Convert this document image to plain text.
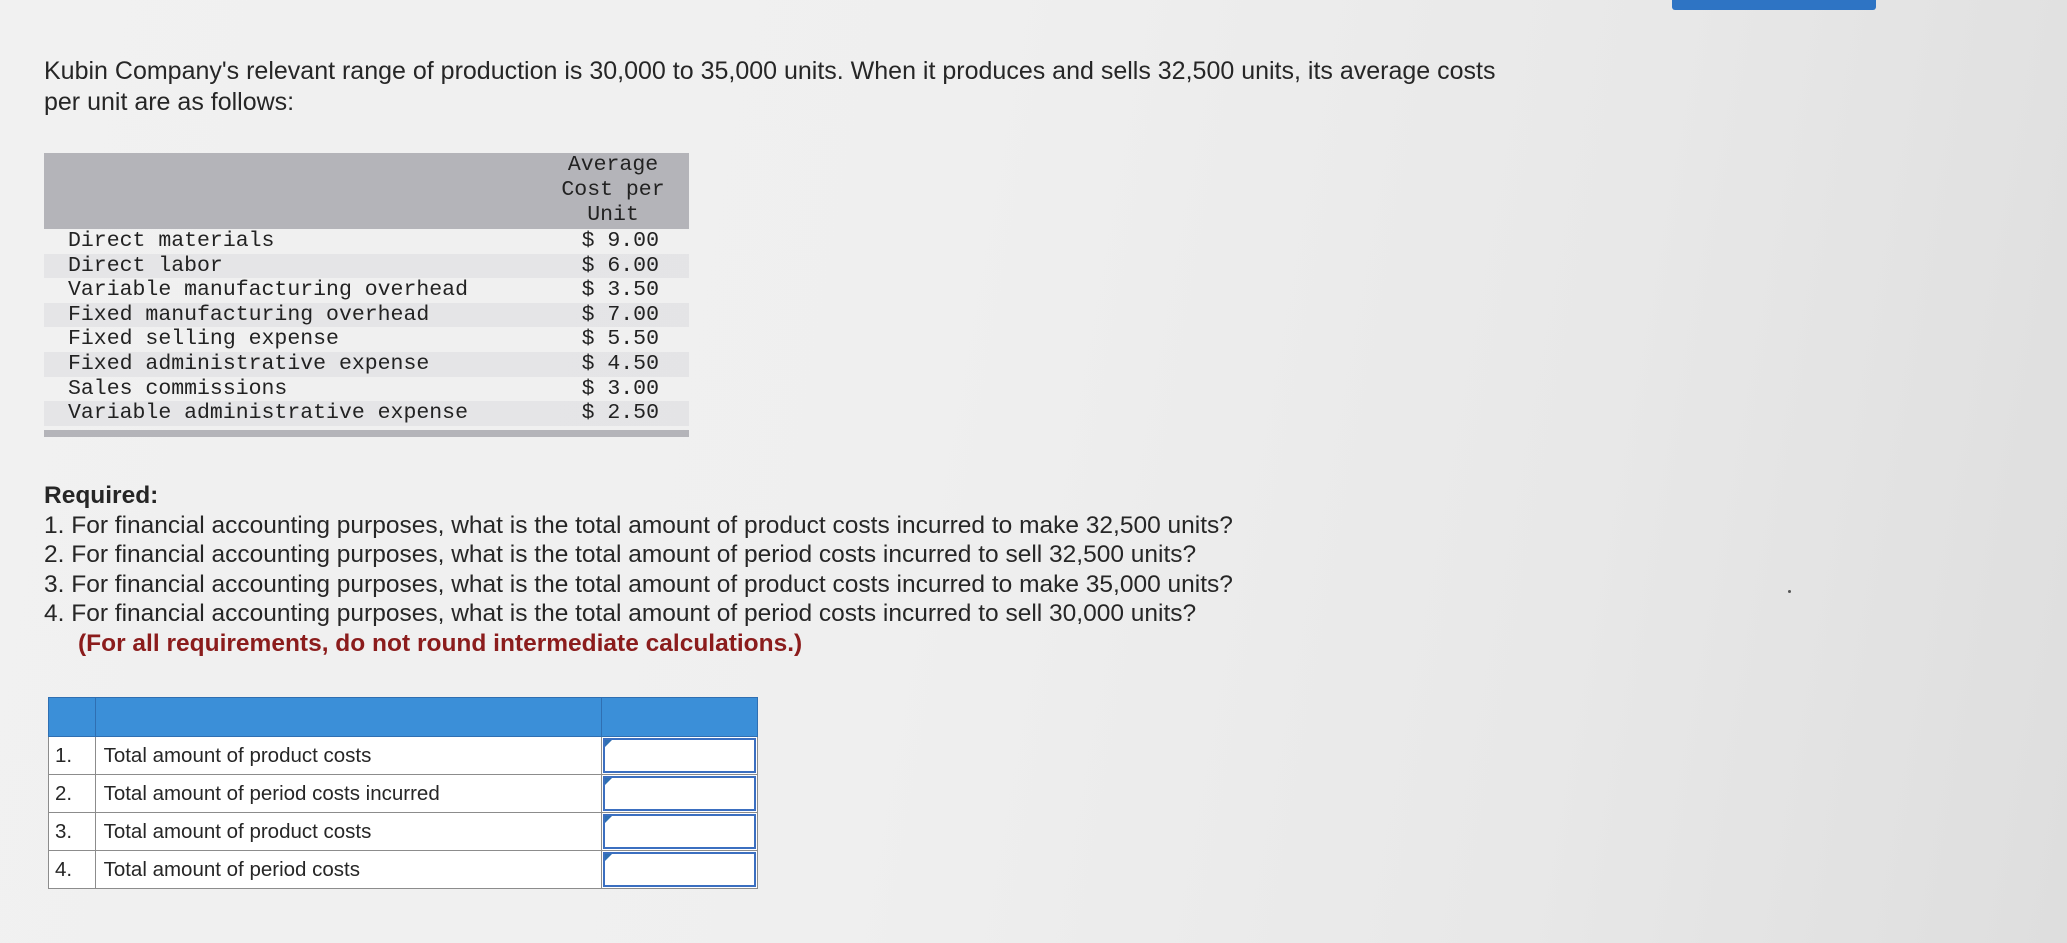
Kubin Company's relevant range of production is 30,000 to 35,000 units. When it produces and sells 32,500 units, its average costs
per unit are as follows:

Average
Cost per
Unit
Direct materials	$ 9.00
Direct labor	$ 6.00
Variable manufacturing overhead	$ 3.50
Fixed manufacturing overhead	$ 7.00
Fixed selling expense	$ 5.50
Fixed administrative expense	$ 4.50
Sales commissions	$ 3.00
Variable administrative expense	$ 2.50
Required:
1. For financial accounting purposes, what is the total amount of product costs incurred to make 32,500 units?
2. For financial accounting purposes, what is the total amount of period costs incurred to sell 32,500 units?
3. For financial accounting purposes, what is the total amount of product costs incurred to make 35,000 units?
4. For financial accounting purposes, what is the total amount of period costs incurred to sell 30,000 units?
(For all requirements, do not round intermediate calculations.)

1.	Total amount of product costs	

2.	Total amount of period costs incurred	

3.	Total amount of product costs	

4.	Total amount of period costs	
